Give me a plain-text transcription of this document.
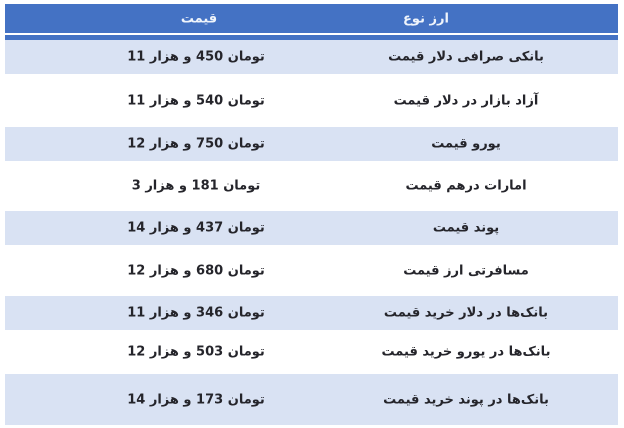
قیمت	نوع‎ ارز
11 هزار‎ و‎ 450 تومان	قیمت‎ دلار‎ صرافی‎ بانکی
11 هزار‎ و‎ 540 تومان	قیمت‎ دلار‎ در‎ بازار‎ آزاد
12 هزار‎ و‎ 750 تومان	قیمت‎ یورو
3 هزار‎ و‎ 181 تومان	قیمت‎ درهم‎ امارات
14 هزار‎ و‎ 437 تومان	قیمت‎ پوند
12 هزار‎ و‎ 680 تومان	قیمت‎ ارز‎ مسافرتی
11 هزار‎ و‎ 346 تومان	قیمت‎ خرید‎ دلار‎ در‎ بانک‌ها
12 هزار‎ و‎ 503 تومان	قیمت‎ خرید‎ یورو‎ در‎ بانک‌ها
14 هزار‎ و‎ 173 تومان	قیمت‎ خرید‎ پوند‎ در‎ بانک‌ها
